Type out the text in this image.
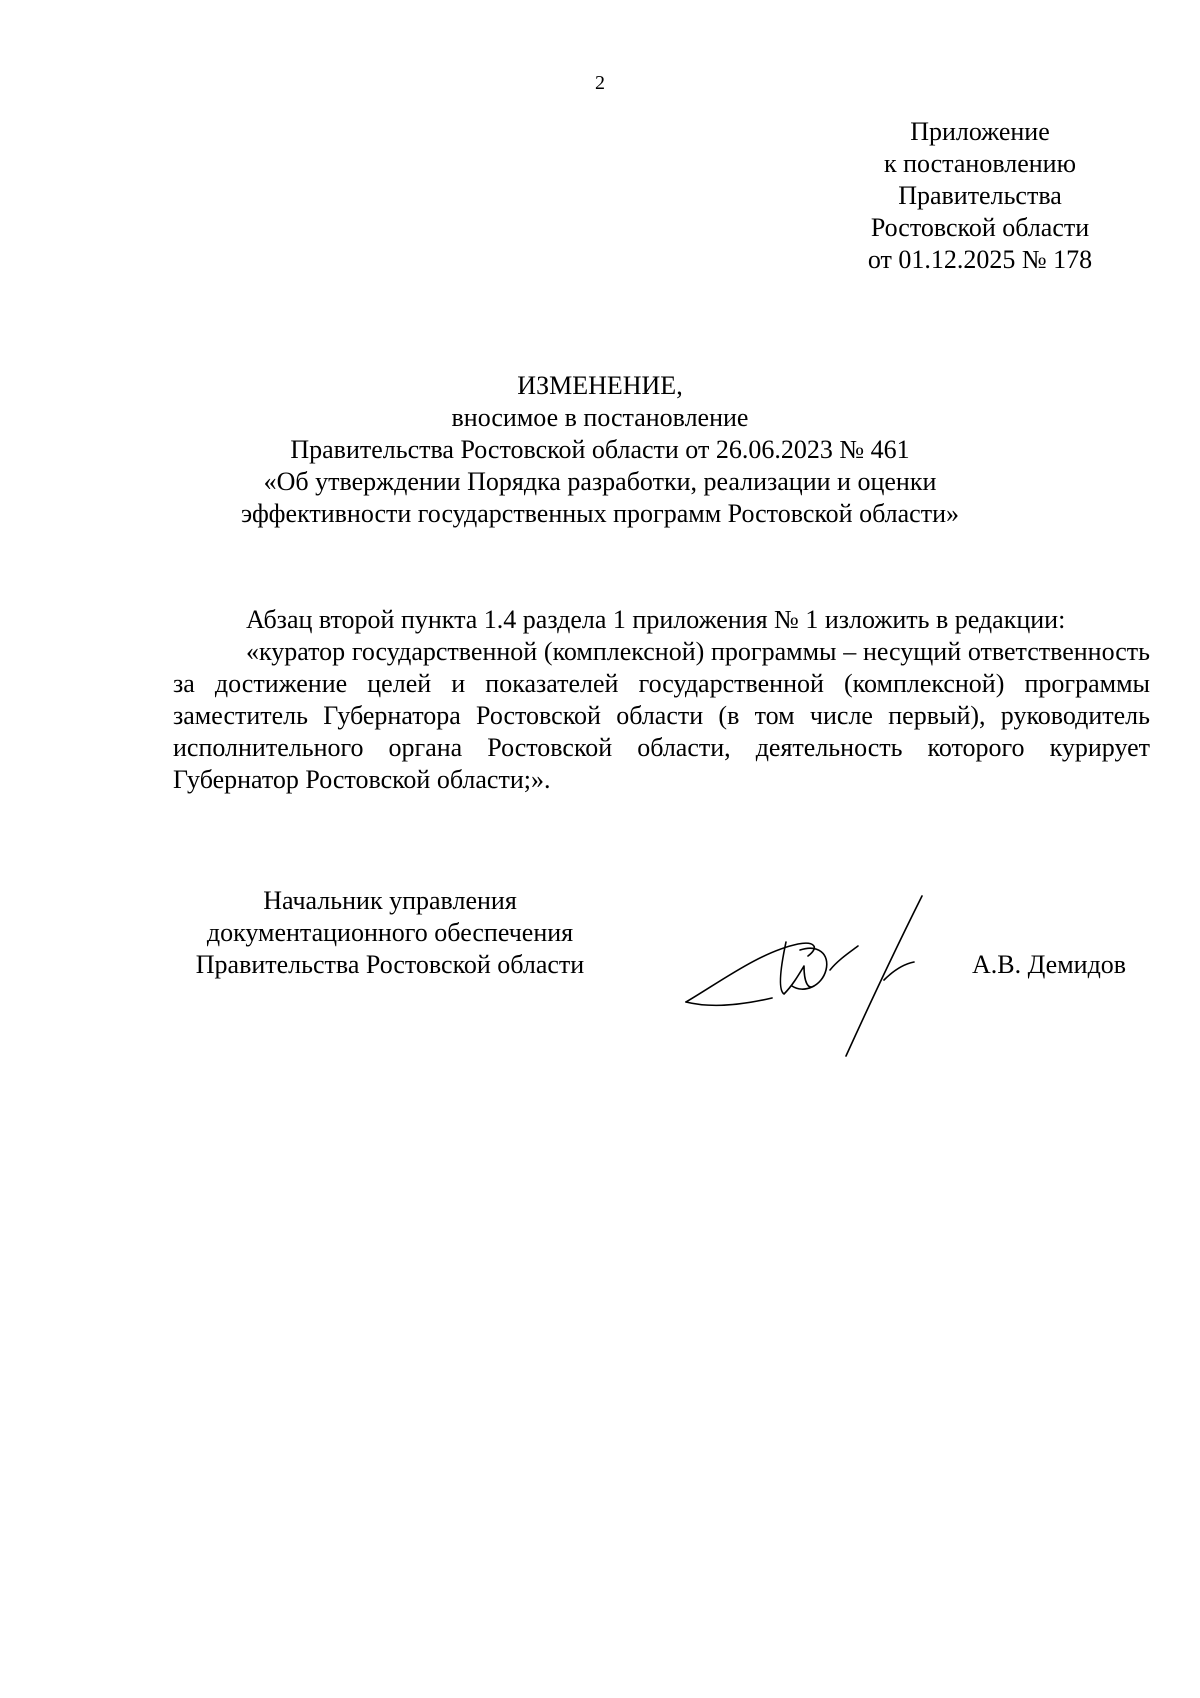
2
Приложение
к постановлению
Правительства
Ростовской области
от 01.12.2025 № 178
ИЗМЕНЕНИЕ,
вносимое в постановление
Правительства Ростовской области от 26.06.2023 № 461
«Об утверждении Порядка разработки, реализации и оценки
эффективности государственных программ Ростовской области»

Абзац второй пункта 1.4 раздела 1 приложения № 1 изложить в редакции:

«куратор государственной (комплексной) программы – несущий ответственность за достижение целей и показателей государственной (комплексной) программы заместитель Губернатора Ростовской области (в том числе первый), руководитель исполнительного органа Ростовской области, деятельность которого курирует Губернатор Ростовской области;».

Начальник управления
документационного обеспечения
Правительства Ростовской области	А.В. Демидов
